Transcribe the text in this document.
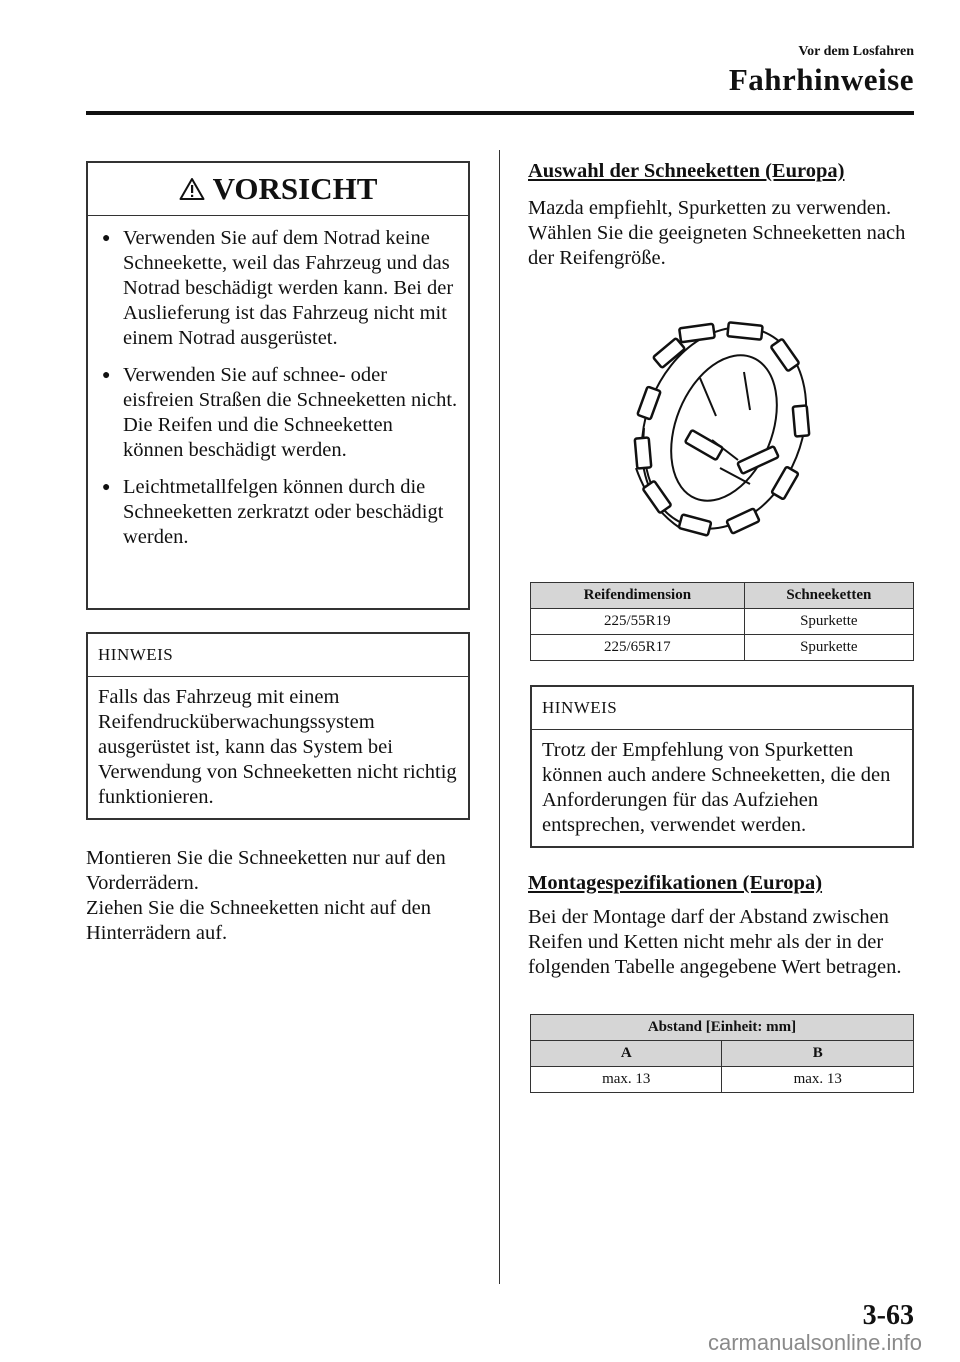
Vor dem Losfahren
Fahrhinweise
VORSICHT
● Verwenden Sie auf dem Notrad keine Schneekette, weil das Fahrzeug und das Notrad beschädigt werden kann. Bei der Auslieferung ist das Fahrzeug nicht mit einem Notrad ausgerüstet.
● Verwenden Sie auf schnee- oder eisfreien Straßen die Schneeketten nicht. Die Reifen und die Schneeketten können beschädigt werden.
● Leichtmetallfelgen können durch die Schneeketten zerkratzt oder beschädigt werden.
HINWEIS
Falls das Fahrzeug mit einem Reifendrucküberwachungssystem ausgerüstet ist, kann das System bei Verwendung von Schneeketten nicht richtig funktionieren.
Montieren Sie die Schneeketten nur auf den Vorderrädern.
Ziehen Sie die Schneeketten nicht auf den Hinterrädern auf.
Auswahl der Schneeketten (Europa)
Mazda empfiehlt, Spurketten zu verwenden. Wählen Sie die geeigneten Schneeketten nach der Reifengröße.
Reifendimension	Schneeketten
225/55R19	Spurkette
225/65R17	Spurkette
HINWEIS
Trotz der Empfehlung von Spurketten können auch andere Schneeketten, die den Anforderungen für das Aufziehen entsprechen, verwendet werden.
Montagespezifikationen (Europa)
Bei der Montage darf der Abstand zwischen Reifen und Ketten nicht mehr als der in der folgenden Tabelle angegebene Wert betragen.
Abstand [Einheit: mm]	
A	B
max. 13	max. 13
3-63
carmanualsonline.info
